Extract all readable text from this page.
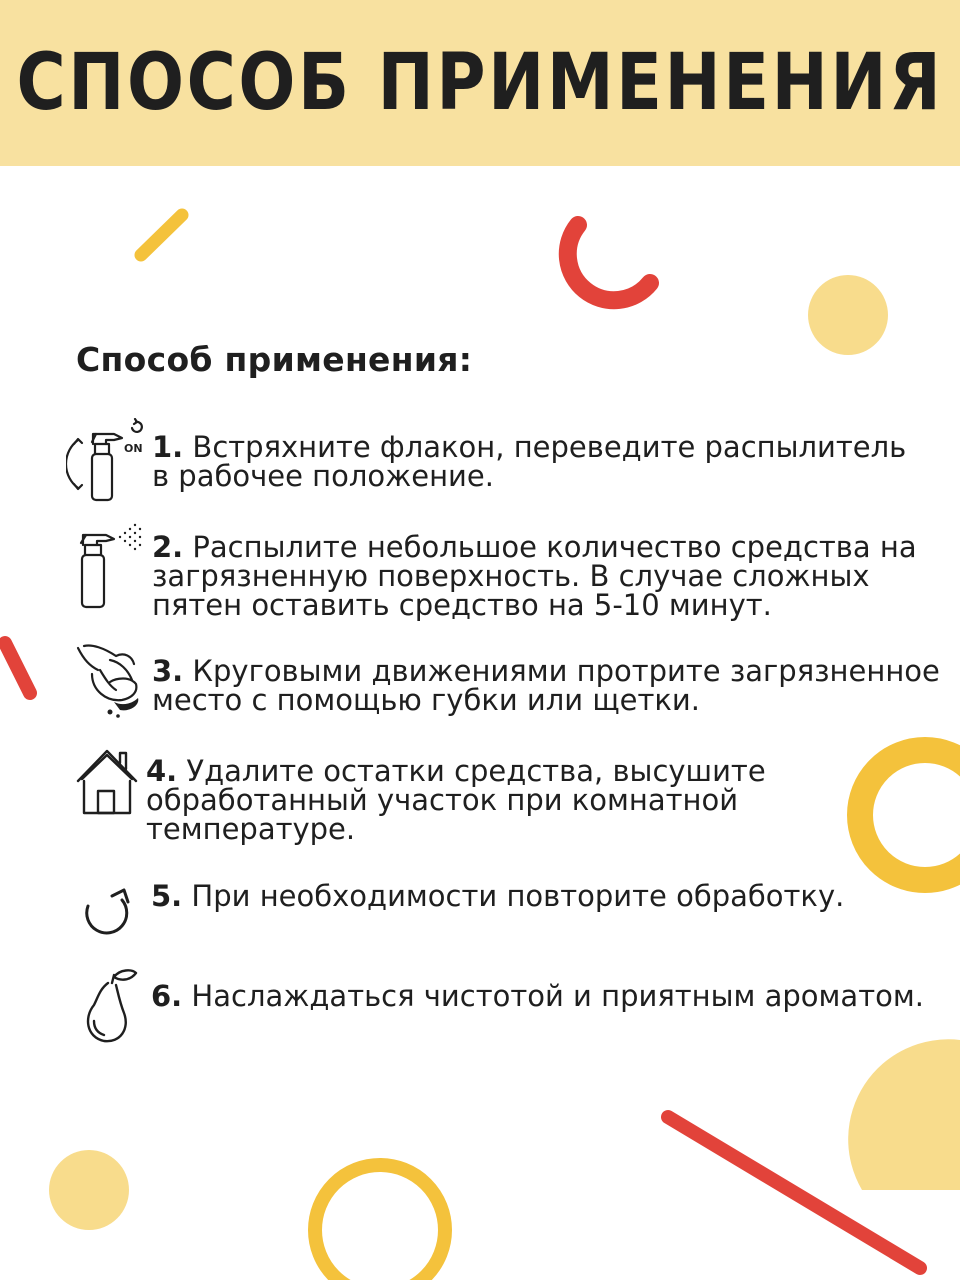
СПОСОБ ПРИМЕНЕНИЯ

Способ применения:

ON 1. Встряхните флакон, переведите распылитель
в рабочее положение.
2. Распылите небольшое количество средства на
загрязненную поверхность. В случае сложных
пятен оставить средство на 5-10 минут.
3. Круговыми движениями протрите загрязненное
место с помощью губки или щетки.
4. Удалите остатки средства, высушите
обработанный участок при комнатной
температуре.
5. При необходимости повторите обработку.
6. Наслаждаться чистотой и приятным ароматом.
